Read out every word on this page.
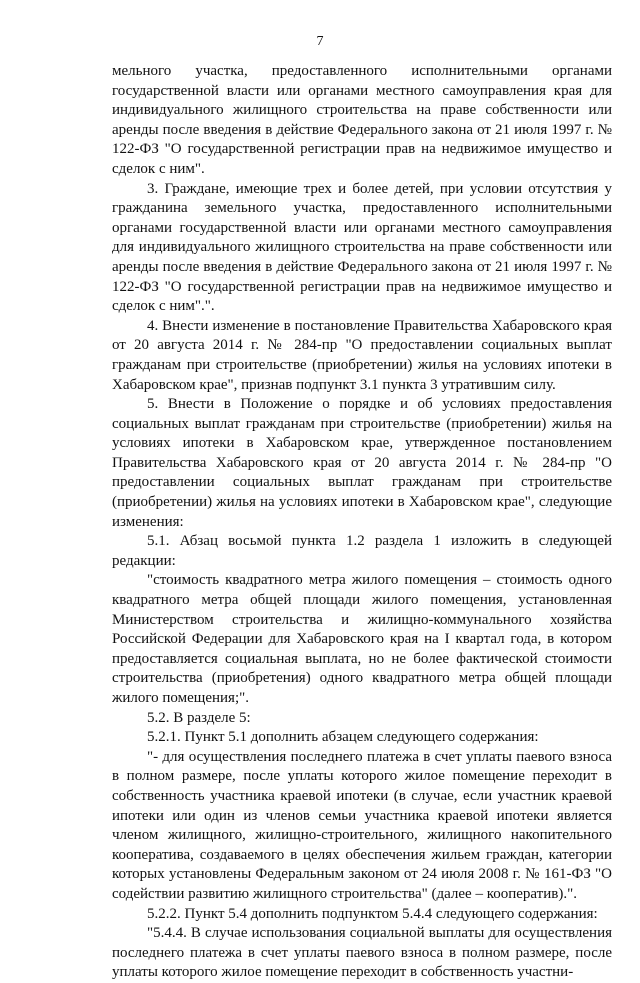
7

мельного участка, предоставленного исполнительными органами государственной власти или органами местного самоуправления края для индивидуального жилищного строительства на праве собственности или аренды после введения в действие Федерального закона от 21 июля 1997 г. № 122-ФЗ "О государственной регистрации прав на недвижимое имущество и сделок с ним".

3. Граждане, имеющие трех и более детей, при условии отсутствия у гражданина земельного участка, предоставленного исполнительными органами государственной власти или органами местного самоуправления для индивидуального жилищного строительства на праве собственности или аренды после введения в действие Федерального закона от 21 июля 1997 г. № 122-ФЗ "О государственной регистрации прав на недвижимое имущество и сделок с ним".".

4. Внести изменение в постановление Правительства Хабаровского края от 20 августа 2014 г. № 284-пр "О предоставлении социальных выплат гражданам при строительстве (приобретении) жилья на условиях ипотеки в Хабаровском крае", признав подпункт 3.1 пункта 3 утратившим силу.

5. Внести в Положение о порядке и об условиях предоставления социальных выплат гражданам при строительстве (приобретении) жилья на условиях ипотеки в Хабаровском крае, утвержденное постановлением Правительства Хабаровского края от 20 августа 2014 г. № 284-пр "О предоставлении социальных выплат гражданам при строительстве (приобретении) жилья на условиях ипотеки в Хабаровском крае", следующие изменения:

5.1. Абзац восьмой пункта 1.2 раздела 1 изложить в следующей редакции:

"стоимость квадратного метра жилого помещения – стоимость одного квадратного метра общей площади жилого помещения, установленная Министерством строительства и жилищно-коммунального хозяйства Российской Федерации для Хабаровского края на I квартал года, в котором предоставляется социальная выплата, но не более фактической стоимости строительства (приобретения) одного квадратного метра общей площади жилого помещения;".

5.2. В разделе 5:

5.2.1. Пункт 5.1 дополнить абзацем следующего содержания:

"- для осуществления последнего платежа в счет уплаты паевого взноса в полном размере, после уплаты которого жилое помещение переходит в собственность участника краевой ипотеки (в случае, если участник краевой ипотеки или один из членов семьи участника краевой ипотеки является членом жилищного, жилищно-строительного, жилищного накопительного кооператива, создаваемого в целях обеспечения жильем граждан, категории которых установлены Федеральным законом от 24 июля 2008 г. № 161-ФЗ "О содействии развитию жилищного строительства" (далее – кооператив).".

5.2.2. Пункт 5.4 дополнить подпунктом 5.4.4 следующего содержания:

"5.4.4. В случае использования социальной выплаты для осуществления последнего платежа в счет уплаты паевого взноса в полном размере, после уплаты которого жилое помещение переходит в собственность участни-
